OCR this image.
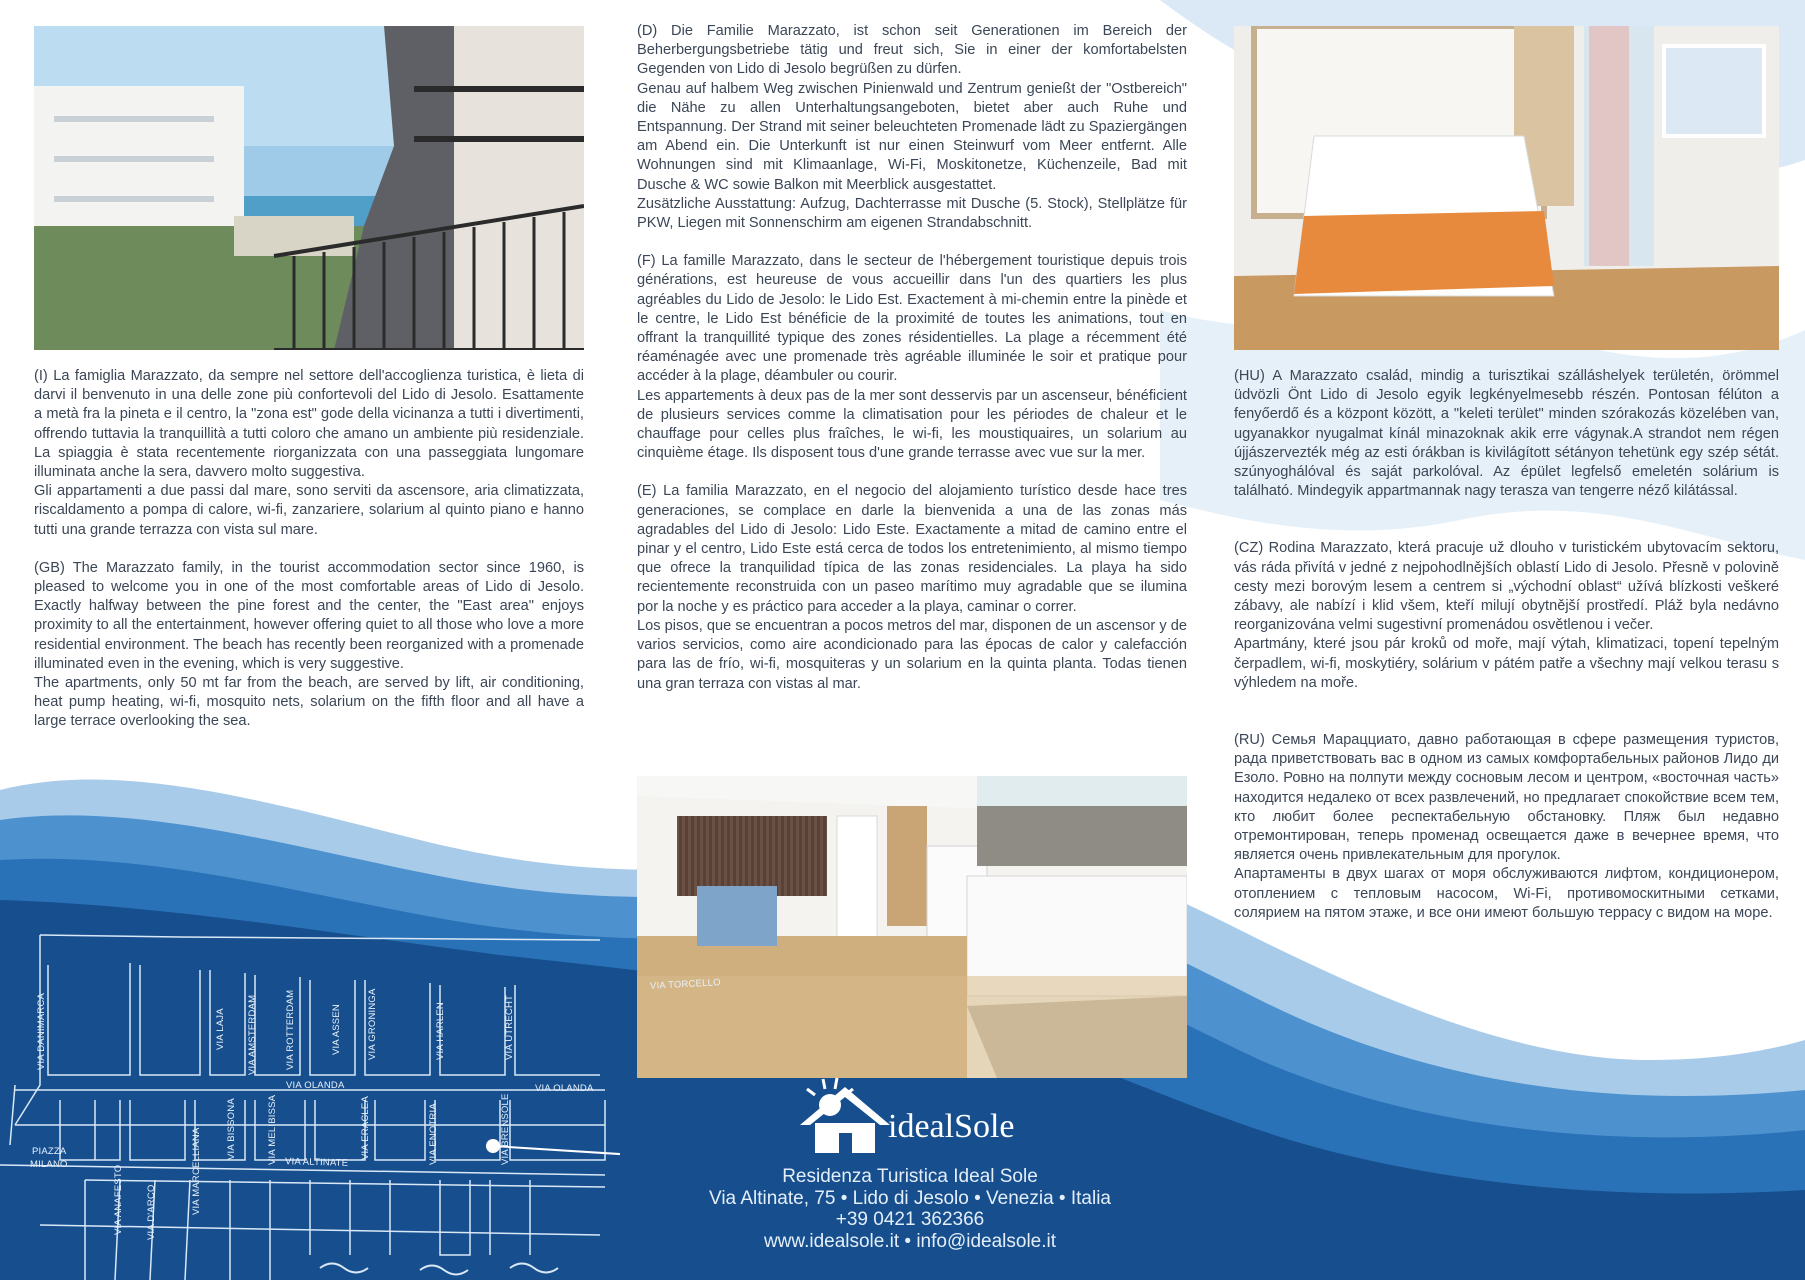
(I) La famiglia Marazzato, da sempre nel settore dell'accoglienza turistica, è lieta di darvi il benvenuto in una delle zone più confortevoli del Lido di Jesolo. Esattamente a metà fra la pineta e il centro, la "zona est" gode della vicinanza a tutti i divertimenti, offrendo tuttavia la tranquillità a tutti coloro che amano un ambiente più residenziale. La spiaggia è stata recentemente riorganizzata con una passeggiata lungomare illuminata anche la sera, davvero molto suggestiva.

Gli appartamenti a due passi dal mare, sono serviti da ascensore, aria climatizzata, riscaldamento a pompa di calore, wi-fi, zanzariere, solarium al quinto piano e hanno tutti una grande terrazza con vista sul mare.

(GB) The Marazzato family, in the tourist accommodation sector since 1960, is pleased to welcome you in one of the most comfortable areas of Lido di Jesolo. Exactly halfway between the pine forest and the center, the "East area" enjoys proximity to all the entertainment, however offering quiet to all those who love a more residential environment. The beach has recently been reorganized with a promenade illuminated even in the evening, which is very suggestive.

The apartments, only 50 mt far from the beach, are served by lift, air conditioning, heat pump heating, wi-fi, mosquito nets, solarium on the fifth floor and all have a large terrace overlooking the sea.

(D) Die Familie Marazzato, ist schon seit Generationen im Bereich der Beherbergungsbetriebe tätig und freut sich, Sie in einer der komfortabelsten Gegenden von Lido di Jesolo begrüßen zu dürfen.

Genau auf halbem Weg zwischen Pinienwald und Zentrum genießt der "Ostbereich" die Nähe zu allen Unterhaltungsangeboten, bietet aber auch Ruhe und Entspannung. Der Strand mit seiner beleuchteten Promenade lädt zu Spaziergängen am Abend ein. Die Unterkunft ist nur einen Steinwurf vom Meer entfernt. Alle Wohnungen sind mit Klimaanlage, Wi-Fi, Moskitonetze, Küchenzeile, Bad mit Dusche & WC sowie Balkon mit Meerblick ausgestattet.

Zusätzliche Ausstattung: Aufzug, Dachterrasse mit Dusche (5. Stock), Stellplätze für PKW, Liegen mit Sonnenschirm am eigenen Strandabschnitt.

(F) La famille Marazzato, dans le secteur de l'hébergement touristique depuis trois générations, est heureuse de vous accueillir dans l'un des quartiers les plus agréables du Lido de Jesolo: le Lido Est. Exactement à mi-chemin entre la pinède et le centre, le Lido Est bénéficie de la proximité de toutes les animations, tout en offrant la tranquillité typique des zones résidentielles. La plage a récemment été réaménagée avec une promenade très agréable illuminée le soir et pratique pour accéder à la plage, déambuler ou courir.

Les appartements à deux pas de la mer sont desservis par un ascenseur, bénéficient de plusieurs services comme la climatisation pour les périodes de chaleur et le chauffage pour celles plus fraîches, le wi-fi, les moustiquaires, un solarium au cinquième étage. Ils disposent tous d'une grande terrasse avec vue sur la mer.

(E) La familia Marazzato, en el negocio del alojamiento turístico desde hace tres generaciones, se complace en darle la bienvenida a una de las zonas más agradables del Lido di Jesolo: Lido Este. Exactamente a mitad de camino entre el pinar y el centro, Lido Este está cerca de todos los entretenimiento, al mismo tiempo que ofrece la tranquilidad típica de las zonas residenciales. La playa ha sido recientemente reconstruida con un paseo marítimo muy agradable que se ilumina por la noche y es práctico para acceder a la playa, caminar o correr.

Los pisos, que se encuentran a pocos metros del mar, disponen de un ascensor y de varios servicios, como aire acondicionado para las épocas de calor y calefacción para las de frío, wi-fi, mosquiteras y un solarium en la quinta planta. Todas tienen una gran terraza con vistas al mar.

(HU) A Marazzato család, mindig a turisztikai szálláshelyek területén, örömmel üdvözli Önt Lido di Jesolo egyik legkényelmesebb részén. Pontosan félúton a fenyőerdő és a központ között, a "keleti terület" minden szórakozás közelében van, ugyanakkor nyugalmat kínál minazoknak akik erre vágynak.A strandot nem régen újjászervezték még az esti órákban is kivilágított sétányon tehetünk egy szép sétát. szúnyoghálóval és saját parkolóval. Az épület legfelső emeletén solárium is található. Mindegyik appartmannak nagy terasza van tengerre néző kilátással.

(CZ) Rodina Marazzato, která pracuje už dlouho v turistickém ubytovacím sektoru, vás ráda přivítá v jedné z nejpohodlnějších oblastí Lido di Jesolo. Přesně v polovině cesty mezi borovým lesem a centrem si „východní oblast“ užívá blízkosti veškeré zábavy, ale nabízí i klid všem, kteří milují obytnější prostředí. Pláž byla nedávno reorganizována velmi sugestivní promenádou osvětlenou i večer.

Apartmány, které jsou pár kroků od moře, mají výtah, klimatizaci, topení tepelným čerpadlem, wi-fi, moskytiéry, solárium v pátém patře a všechny mají velkou terasu s výhledem na moře.

(RU) Семья Марацциато, давно работающая в сфере размещения туристов, рада приветствовать вас в одном из самых комфортабельных районов Лидо ди Езоло. Ровно на полпути между сосновым лесом и центром, «восточная часть» находится недалеко от всех развлечений, но предлагает спокойствие всем тем, кто любит более респектабельную обстановку. Пляж был недавно отремонтирован, теперь променад освещается даже в вечернее время, что является очень привлекательным для прогулок.

Апартаменты в двух шагах от моря обслуживаются лифтом, кондиционером, отоплением с тепловым насосом, Wi-Fi, противомоскитными сетками, солярием на пятом этаже, и все они имеют большую террасу с видом на море.

VIA DANIMARCA
VIA OLANDA	VIA OLANDA
VIA LAJA VIA AMSTERDAM	VIA ROTTERDAM	VIA ASSEN	VIA GRONINGA	VIA HARLEN	VIA UTRECHT
VIA TORCELLO
VIA BISSONA	VIA MELIBISSA	VIA ERACLEA	VIA ENOTRIA	VIA BRENSOLE
VIA MARCELLIANA
VIA D'ARCO
VIA ANAFESTO
VIA ALTINATE
PIAZZA
MILANO
idealSole
Residenza Turistica Ideal Sole
Via Altinate, 75 • Lido di Jesolo • Venezia • Italia
+39 0421 362366
www.idealsole.it • info@idealsole.it
